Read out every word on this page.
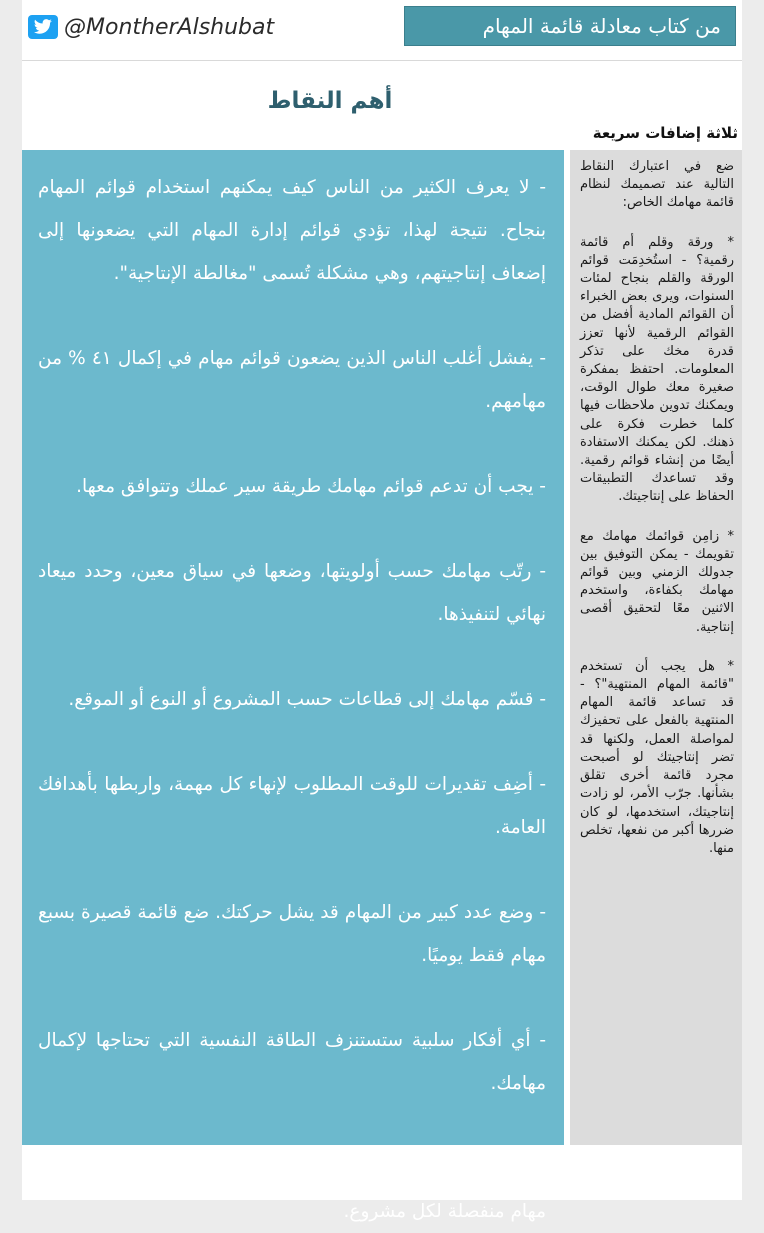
@MontherAlshubat	من كتاب معادلة قائمة المهام
أهم النقاط
ثلاثة إضافات سريعة

- لا يعرف الكثير من الناس كيف يمكنهم استخدام قوائم المهام بنجاح. نتيجة لهذا، تؤدي قوائم إدارة المهام التي يضعونها إلى إضعاف إنتاجيتهم، وهي مشكلة تُسمى "مغالطة الإنتاجية".

- يفشل أغلب الناس الذين يضعون قوائم مهام في إكمال ٤١ % من مهامهم.

- يجب أن تدعم قوائم مهامك طريقة سير عملك وتتوافق معها.

- رتّب مهامك حسب أولويتها، وضعها في سياق معين، وحدد ميعاد نهائي لتنفيذها.

- قسّم مهامك إلى قطاعات حسب المشروع أو النوع أو الموقع.

- أضِف تقديرات للوقت المطلوب لإنهاء كل مهمة، واربطها بأهدافك العامة.

- وضع عدد كبير من المهام قد يشل حركتك. ضع قائمة قصيرة بسبع مهام فقط يوميًا.

- أي أفكار سلبية ستستنزف الطاقة النفسية التي تحتاجها لإكمال مهامك.

- قسّم مشاريعك إلى عناصر صغيرة قابلة للتنفيذ، وانشئ قوائم مهام منفصلة لكل مشروع.

ضع في اعتبارك النقاط التالية عند تصميمك لنظام قائمة مهامك الخاص:

* ورقة وقلم أم قائمة رقمية؟ - استُخدِمَت قوائم الورقة والقلم بنجاح لمئات السنوات، ويرى بعض الخبراء أن القوائم المادية أفضل من القوائم الرقمية لأنها تعزز قدرة مخك على تذكر المعلومات. احتفظ بمفكرة صغيرة معك طوال الوقت، ويمكنك تدوين ملاحظات فيها كلما خطرت فكرة على ذهنك. لكن يمكنك الاستفادة أيضًا من إنشاء قوائم رقمية. وقد تساعدك التطبيقات الحفاظ على إنتاجيتك.

* زامِن قوائمك مهامك مع تقويمك - يمكن التوفيق بين جدولك الزمني وبين قوائم مهامك بكفاءة، واستخدم الاثنين معًا لتحقيق أقصى إنتاجية.

* هل يجب أن تستخدم "قائمة المهام المنتهية"؟ - قد تساعد قائمة المهام المنتهية بالفعل على تحفيزك لمواصلة العمل، ولكنها قد تضر إنتاجيتك لو أصبحت مجرد قائمة أخرى تقلق بشأنها. جرّب الأمر، لو زادت إنتاجيتك، استخدمها، لو كان ضررها أكبر من نفعها، تخلص منها.
